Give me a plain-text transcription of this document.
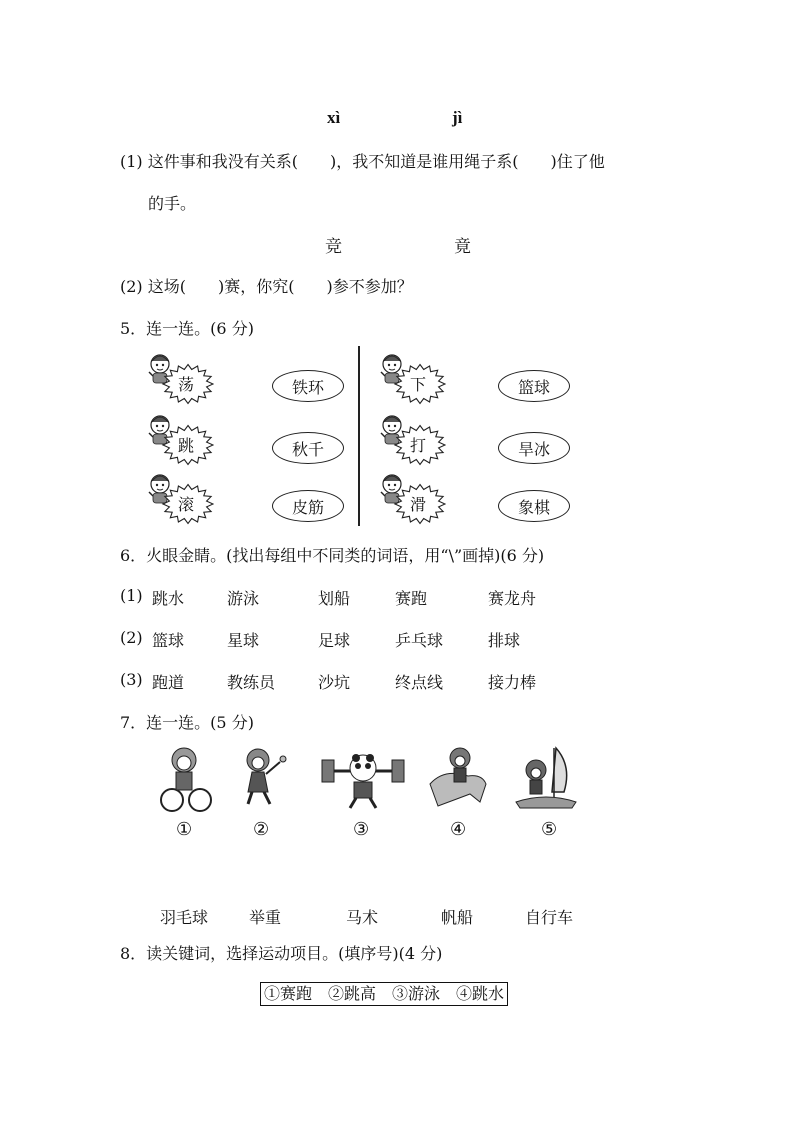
xì	jì
(1) 这件事和我没有关系(　　)，我不知道是谁用绳子系(　　)住了他
的手。
竞	竟
(2) 这场(　　)赛，你究(　　)参不参加？
5．连一连。(6 分)
6．火眼金睛。(找出每组中不同类的词语，用“\”画掉)(6 分)
7．连一连。(5 分)
8．读关键词，选择运动项目。(填序号)(4 分)
①赛跑　②跳高　③游泳　④跳水
荡
跳
滚
铁环
秋千
皮筋
下
打
滑
篮球
旱冰
象棋
(1) 跳水	游泳	划船	赛跑	赛龙舟
(2) 篮球	星球	足球	乒乓球	排球
(3) 跑道	教练员	沙坑	终点线	接力棒
①	②	③	④	⑤
羽毛球	举重	马术	帆船	自行车
